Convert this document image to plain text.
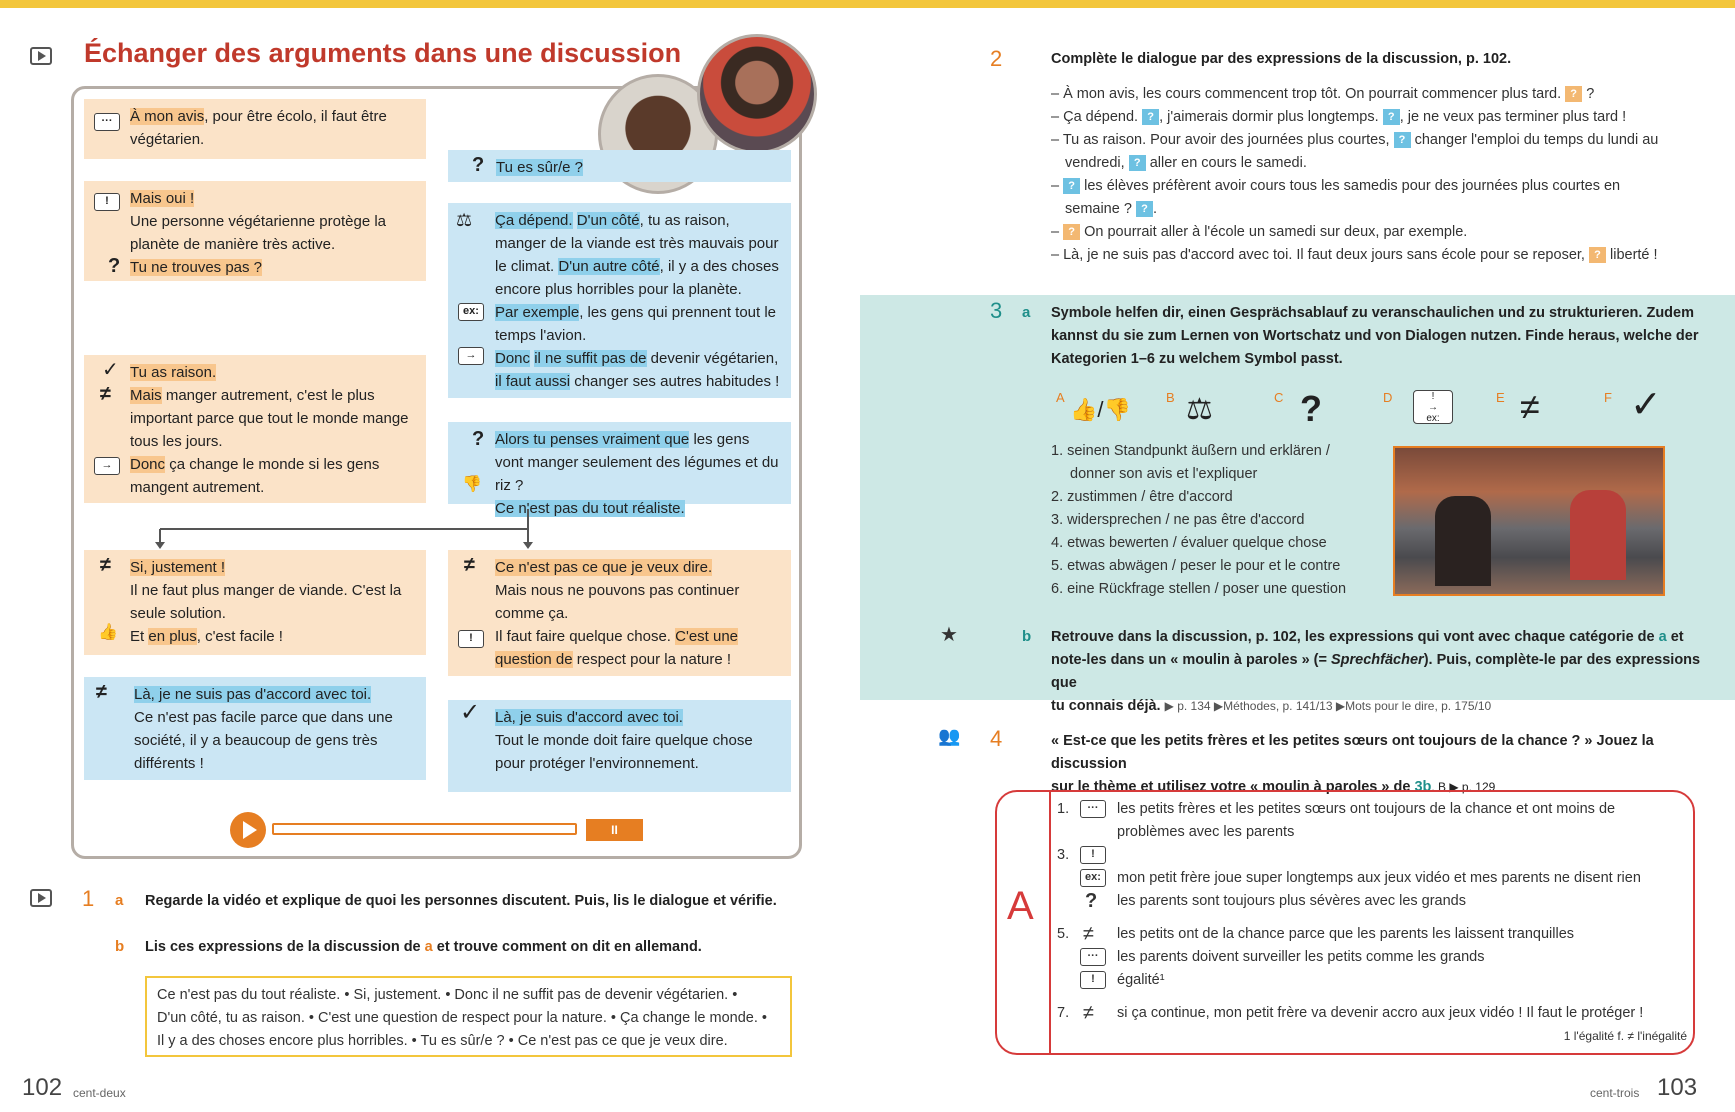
Échanger des arguments dans une discussion
···	À mon avis, pour être écolo, il faut être végétarien.
? Tu es sûr/e ?
!
?
Mais oui !
Une personne végétarienne protège la planète de manière très active.
Tu ne trouves pas ?
⚖
ex:
→
Ça dépend. D'un côté, tu as raison, manger de la viande est très mauvais pour le climat. D'un autre côté, il y a des choses encore plus horribles pour la planète.
Par exemple, les gens qui prennent tout le temps l'avion.
Donc il ne suffit pas de devenir végétarien, il faut aussi changer ses autres habitudes !
✓
≠
→
Tu as raison.
Mais manger autrement, c'est le plus important parce que tout le monde mange tous les jours.
Donc ça change le monde si les gens mangent autrement.
?
👎
Alors tu penses vraiment que les gens vont manger seulement des légumes et du riz ?
Ce n'est pas du tout réaliste.
≠
👍
Si, justement !
Il ne faut plus manger de viande. C'est la seule solution.
Et en plus, c'est facile !
≠
!
Ce n'est pas ce que je veux dire.
Mais nous ne pouvons pas continuer comme ça.
Il faut faire quelque chose. C'est une question de respect pour la nature !
≠ Là, je ne suis pas d'accord avec toi.
Ce n'est pas facile parce que dans une société, il y a beaucoup de gens très différents !
✓ Là, je suis d'accord avec toi.
Tout le monde doit faire quelque chose pour protéger l'environnement.
II
1 a Regarde la vidéo et explique de quoi les personnes discutent. Puis, lis le dialogue et vérifie.
b Lis ces expressions de la discussion de a et trouve comment on dit en allemand.
Ce n'est pas du tout réaliste. • Si, justement. • Donc il ne suffit pas de devenir végétarien. •
D'un côté, tu as raison. • C'est une question de respect pour la nature. • Ça change le monde. •
Il y a des choses encore plus horribles. • Tu es sûr/e ? • Ce n'est pas ce que je veux dire.
102 cent-deux
2	Complète le dialogue par des expressions de la discussion, p. 102.
– À mon avis, les cours commencent trop tôt. On pourrait commencer plus tard. ? ?
– Ça dépend. ? , j'aimerais dormir plus longtemps. ? , je ne veux pas terminer plus tard !
– Tu as raison. Pour avoir des journées plus courtes, ? changer l'emploi du temps du lundi au
vendredi, ? aller en cours le samedi.
– ? les élèves préfèrent avoir cours tous les samedis pour des journées plus courtes en
semaine ? ? .
– ? On pourrait aller à l'école un samedi sur deux, par exemple.
– Là, je ne suis pas d'accord avec toi. Il faut deux jours sans école pour se reposer, ? liberté !
3 a Symbole helfen dir, einen Gesprächsablauf zu veranschaulichen und zu strukturieren. Zudem kannst du sie zum Lernen von Wortschatz und von Dialogen nutzen. Finde heraus, welche der Kategorien 1–6 zu welchem Symbol passt.
A 👍/👎	B ⚖	C ?	D	!
→
ex:
E ≠	F ✓
1. seinen Standpunkt äußern und erklären /
donner son avis et l'expliquer
2. zustimmen / être d'accord
3. widersprechen / ne pas être d'accord
4. etwas bewerten / évaluer quelque chose
5. etwas abwägen / peser le pour et le contre
6. eine Rückfrage stellen / poser une question
★	b Retrouve dans la discussion, p. 102, les expressions qui vont avec chaque catégorie de a et
note-les dans un « moulin à paroles » (= Sprechfächer). Puis, complète-le par des expressions que
tu connais déjà. ▶ p. 134 ▶Méthodes, p. 141/13 ▶Mots pour le dire, p. 175/10
👥 4	« Est-ce que les petits frères et les petites sœurs ont toujours de la chance ? » Jouez la discussion
sur le thème et utilisez votre « moulin à paroles » de 3b. B ▶ p. 129
A
1.	···	les petits frères et les petites sœurs ont toujours de la chance et ont moins de
problèmes avec les parents
3.	!
ex:	mon petit frère joue super longtemps aux jeux vidéo et mes parents ne disent rien
? les parents sont toujours plus sévères avec les grands
5. ≠ les petits ont de la chance parce que les parents les laissent tranquilles
···	les parents doivent surveiller les petits comme les grands
!	égalité¹
7. ≠ si ça continue, mon petit frère va devenir accro aux jeux vidéo ! Il faut le protéger !
1 l'égalité f. ≠ l'inégalité
cent-trois 103
